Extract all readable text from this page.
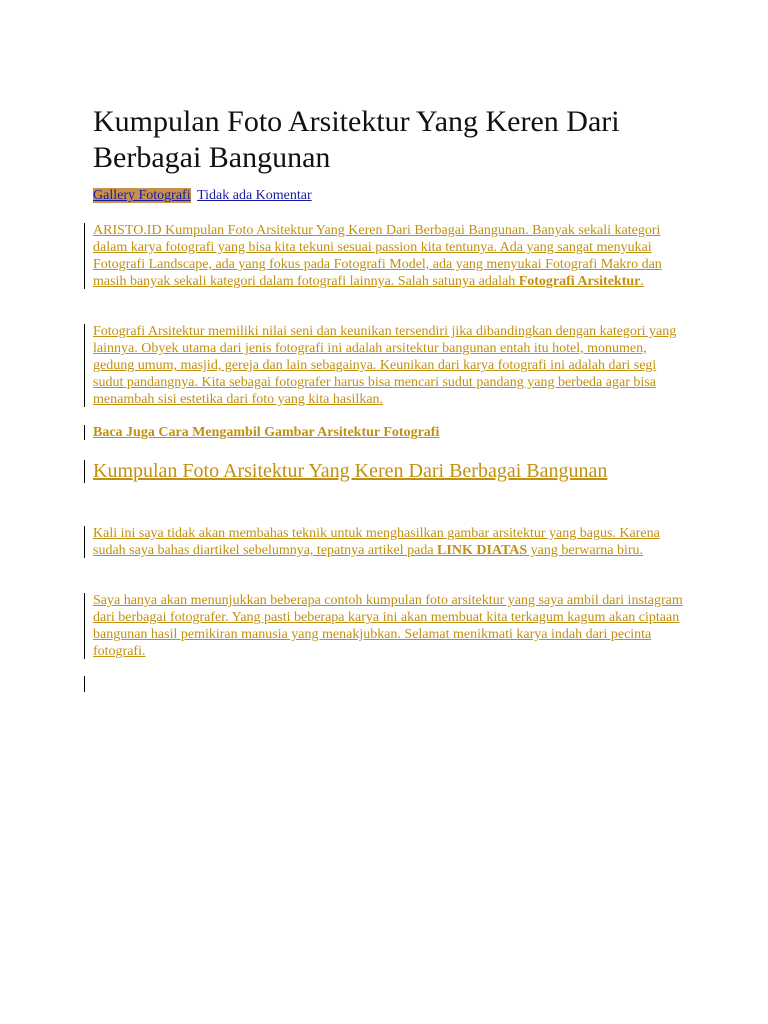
Kumpulan Foto Arsitektur Yang Keren Dari Berbagai Bangunan
Gallery Fotografi Tidak ada Komentar

ARISTO.ID Kumpulan Foto Arsitektur Yang Keren Dari Berbagai Bangunan. Banyak sekali kategori dalam karya fotografi yang bisa kita tekuni sesuai passion kita tentunya. Ada yang sangat menyukai Fotografi Landscape, ada yang fokus pada Fotografi Model, ada yang menyukai Fotografi Makro dan masih banyak sekali kategori dalam fotografi lainnya. Salah satunya adalah Fotografi Arsitektur.

Fotografi Arsitektur memiliki nilai seni dan keunikan tersendiri jika dibandingkan dengan kategori yang lainnya. Obyek utama dari jenis fotografi ini adalah arsitektur bangunan entah itu hotel, monumen, gedung umum, masjid, gereja dan lain sebagainya. Keunikan dari karya fotografi ini adalah dari segi sudut pandangnya. Kita sebagai fotografer harus bisa mencari sudut pandang yang berbeda agar bisa menambah sisi estetika dari foto yang kita hasilkan.

Baca Juga Cara Mengambil Gambar Arsitektur Fotografi

Kumpulan Foto Arsitektur Yang Keren Dari Berbagai Bangunan

Kali ini saya tidak akan membahas teknik untuk menghasilkan gambar arsitektur yang bagus. Karena sudah saya bahas diartikel sebelumnya, tepatnya artikel pada LINK DIATAS yang berwarna biru.

Saya hanya akan menunjukkan beberapa contoh kumpulan foto arsitektur yang saya ambil dari instagram dari berbagai fotografer. Yang pasti beberapa karya ini akan membuat kita terkagum kagum akan ciptaan bangunan hasil pemikiran manusia yang menakjubkan. Selamat menikmati karya indah dari pecinta fotografi.
